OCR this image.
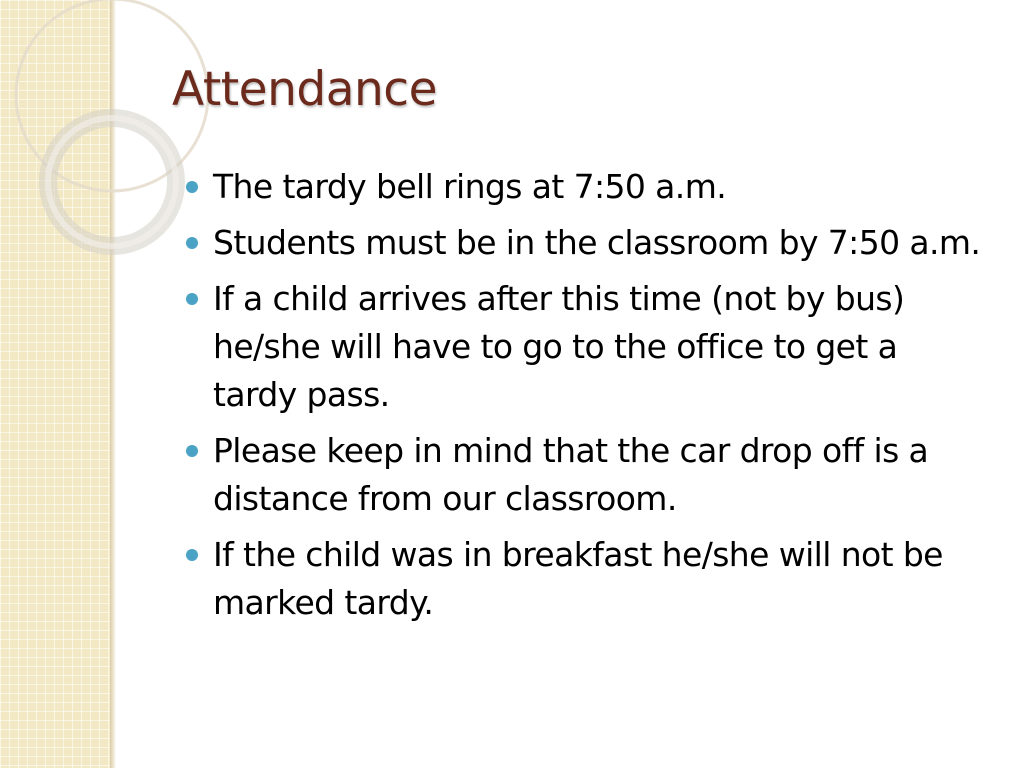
Attendance
The tardy bell rings at 7:50 a.m.
Students must be in the classroom by 7:50 a.m.
If a child arrives after this time (not by bus) he/she will have to go to the office to get a tardy pass.
Please keep in mind that the car drop off is a distance from our classroom.
If the child was in breakfast he/she will not be marked tardy.
